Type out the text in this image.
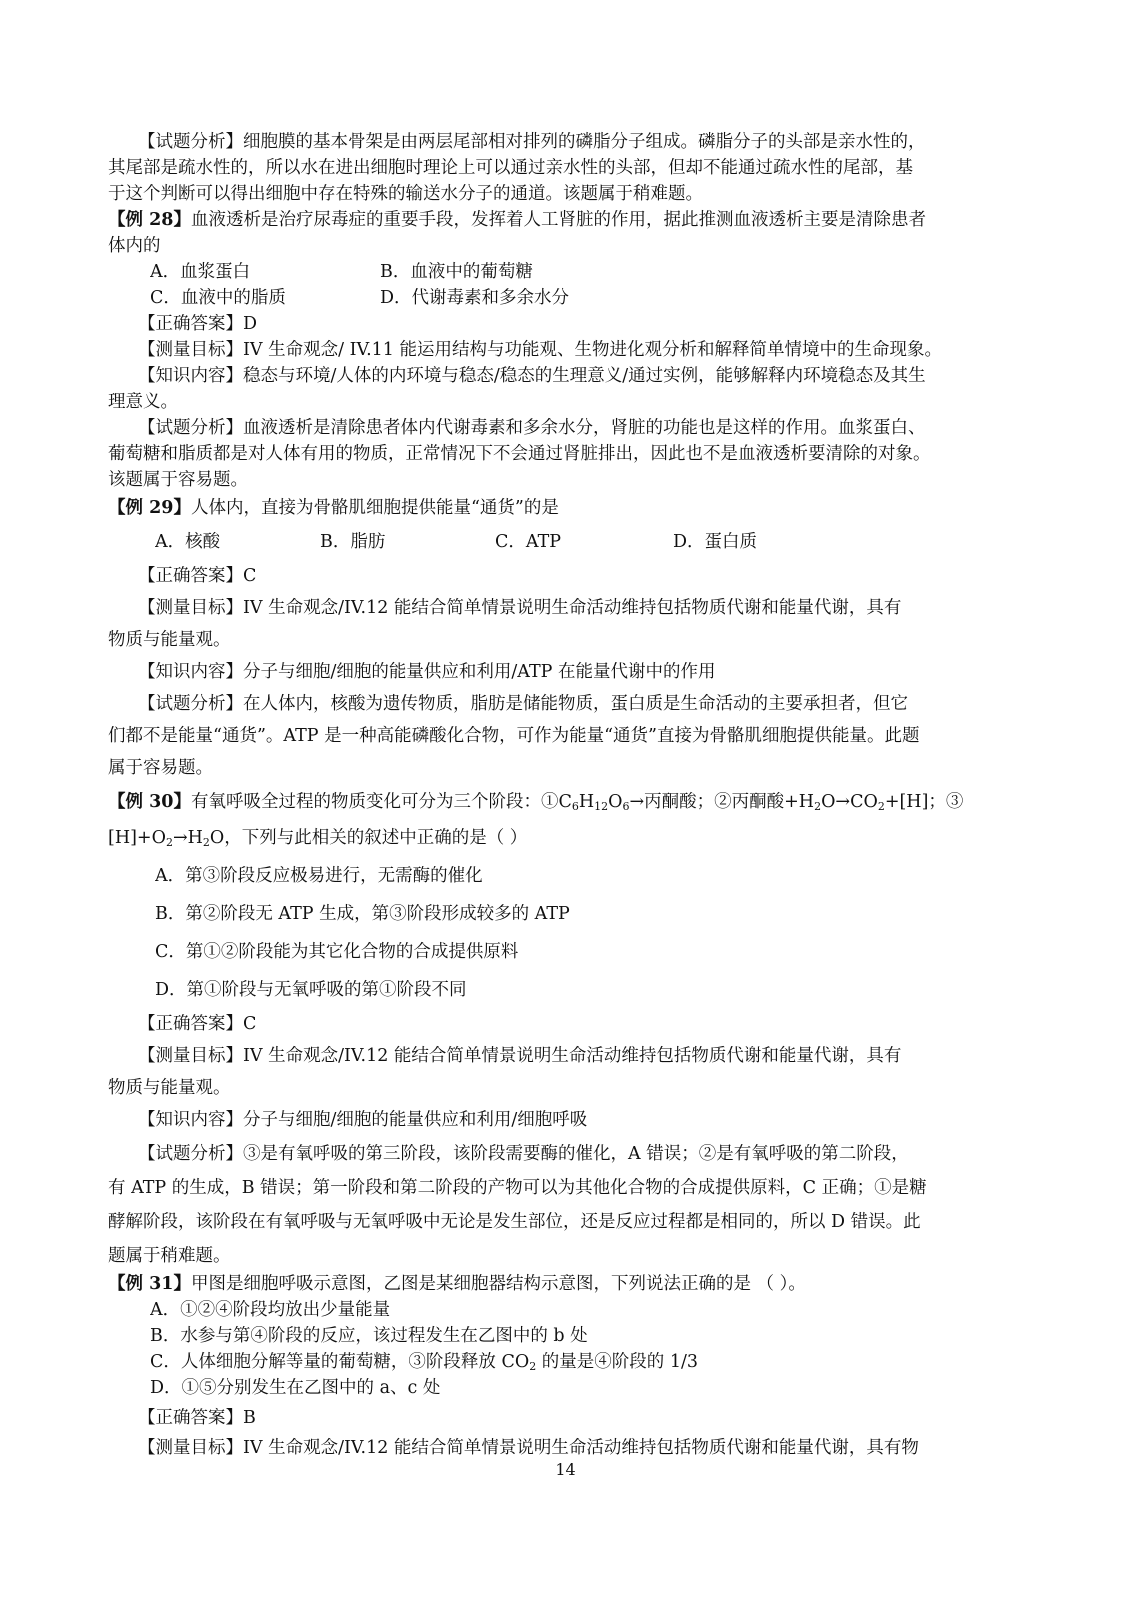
【试题分析】细胞膜的基本骨架是由两层尾部相对排列的磷脂分子组成。磷脂分子的头部是亲水性的，
其尾部是疏水性的，所以水在进出细胞时理论上可以通过亲水性的头部，但却不能通过疏水性的尾部，基
于这个判断可以得出细胞中存在特殊的输送水分子的通道。该题属于稍难题。
【例 28】血液透析是治疗尿毒症的重要手段，发挥着人工肾脏的作用，据此推测血液透析主要是清除患者
体内的
A．血浆蛋白	B．血液中的葡萄糖
C．血液中的脂质	D．代谢毒素和多余水分
【正确答案】D
【测量目标】IV 生命观念/ IV.11 能运用结构与功能观、生物进化观分析和解释简单情境中的生命现象。
【知识内容】稳态与环境/人体的内环境与稳态/稳态的生理意义/通过实例，能够解释内环境稳态及其生
理意义。
【试题分析】血液透析是清除患者体内代谢毒素和多余水分，肾脏的功能也是这样的作用。血浆蛋白、
葡萄糖和脂质都是对人体有用的物质，正常情况下不会通过肾脏排出，因此也不是血液透析要清除的对象。
该题属于容易题。
【例 29】人体内，直接为骨骼肌细胞提供能量“通货”的是
A．核酸	B．脂肪	C．ATP	D．蛋白质
【正确答案】C
【测量目标】IV 生命观念/IV.12 能结合简单情景说明生命活动维持包括物质代谢和能量代谢，具有
物质与能量观。
【知识内容】分子与细胞/细胞的能量供应和利用/ATP 在能量代谢中的作用
【试题分析】在人体内，核酸为遗传物质，脂肪是储能物质，蛋白质是生命活动的主要承担者，但它
们都不是能量“通货”。ATP 是一种高能磷酸化合物，可作为能量“通货”直接为骨骼肌细胞提供能量。此题
属于容易题。
【例 30】有氧呼吸全过程的物质变化可分为三个阶段：$①C_6H_{12}O_6\to$丙酮酸；②丙酮酸$+H_2O\to CO_2+[H]$；③
$[H]+O_2\to H_2O$，下列与此相关的叙述中正确的是（ ）
A．第③阶段反应极易进行，无需酶的催化
B．第②阶段无 ATP 生成，第③阶段形成较多的 ATP
C．第①②阶段能为其它化合物的合成提供原料
D．第①阶段与无氧呼吸的第①阶段不同
【正确答案】C
【测量目标】IV 生命观念/IV.12 能结合简单情景说明生命活动维持包括物质代谢和能量代谢，具有
物质与能量观。
【知识内容】分子与细胞/细胞的能量供应和利用/细胞呼吸
【试题分析】③是有氧呼吸的第三阶段，该阶段需要酶的催化，A 错误；②是有氧呼吸的第二阶段，
有 ATP 的生成，B 错误；第一阶段和第二阶段的产物可以为其他化合物的合成提供原料，C 正确；①是糖
酵解阶段，该阶段在有氧呼吸与无氧呼吸中无论是发生部位，还是反应过程都是相同的，所以 D 错误。此
题属于稍难题。
【例 31】甲图是细胞呼吸示意图，乙图是某细胞器结构示意图，下列说法正确的是 （ ）。
A．①②④阶段均放出少量能量
B．水参与第④阶段的反应，该过程发生在乙图中的 b 处
C．人体细胞分解等量的葡萄糖，③阶段释放 $CO_2$ 的量是④阶段的 1/3
D．①⑤分别发生在乙图中的 a、c 处
【正确答案】B
【测量目标】IV 生命观念/IV.12 能结合简单情景说明生命活动维持包括物质代谢和能量代谢，具有物
14
